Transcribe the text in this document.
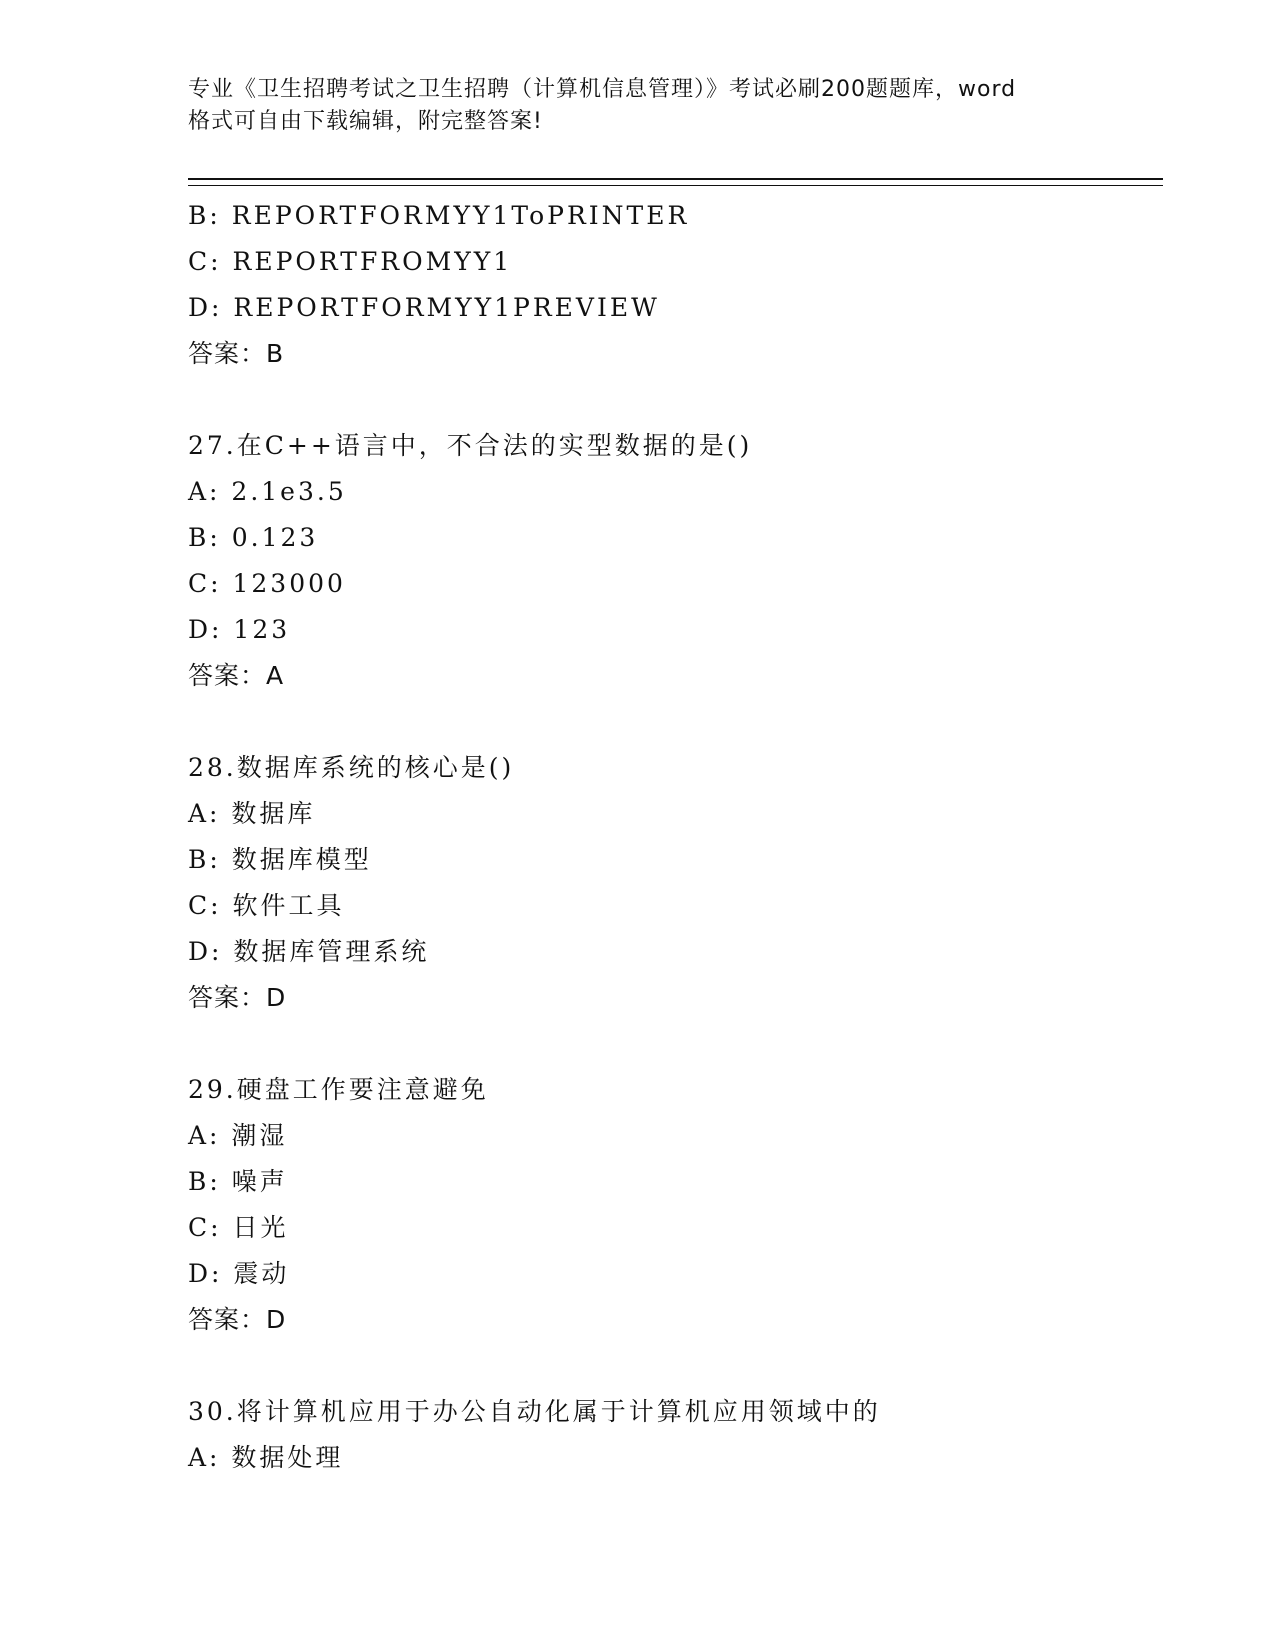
专业《卫生招聘考试之卫生招聘（计算机信息管理）》考试必刷200题题库，word
格式可自由下载编辑，附完整答案!
B: REPORTFORMYY1ToPRINTER
C: REPORTFROMYY1
D: REPORTFORMYY1PREVIEW
答案：B
27.在C++语言中，不合法的实型数据的是()
A: 2.1e3.5
B: 0.123
C: 123000
D: 123
答案：A
28.数据库系统的核心是()
A: 数据库
B: 数据库模型
C: 软件工具
D: 数据库管理系统
答案：D
29.硬盘工作要注意避免
A: 潮湿
B: 噪声
C: 日光
D: 震动
答案：D
30.将计算机应用于办公自动化属于计算机应用领域中的
A: 数据处理
